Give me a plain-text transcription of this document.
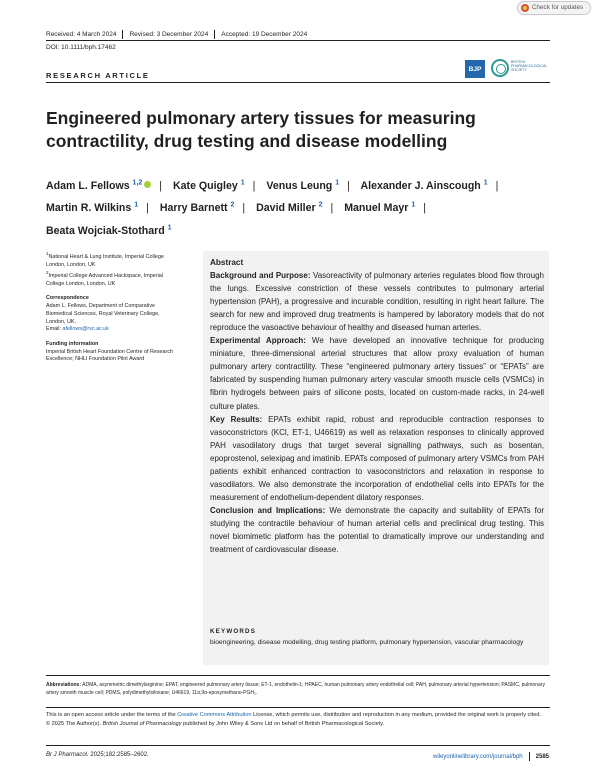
Check for updates
Received: 4 March 2024 Revised: 3 December 2024 Accepted: 19 December 2024
DOI: 10.1111/bph.17462
RESEARCH ARTICLE
BJP
BRITISH PHARMACOLOGICAL SOCIETY
Engineered pulmonary artery tissues for measuring contractility, drug testing and disease modelling
Adam L. Fellows $^{1,2}$ | Kate Quigley $^1$ | Venus Leung $^1$ | Alexander J. Ainscough $^1$ |
Martin R. Wilkins $^1$ | Harry Barnett $^2$ | David Miller $^2$ | Manuel Mayr $^1$ |
Beata Wojciak-Stothard $^1$
$^1$National Heart & Lung Institute, Imperial College London, London, UK
$^2$Imperial College Advanced Hackspace, Imperial College London, London, UK
Correspondence
Adam L. Fellows, Department of Comparative Biomedical Sciences, Royal Veterinary College, London, UK.
Email: afellows@rvc.ac.uk
Funding information
Imperial British Heart Foundation Centre of Research Excellence; NHLI Foundation Pilot Award
Abstract

Background and Purpose: Vasoreactivity of pulmonary arteries regulates blood flow through the lungs. Excessive constriction of these vessels contributes to pulmonary arterial hypertension (PAH), a progressive and incurable condition, resulting in right heart failure. The search for new and improved drug treatments is hampered by laboratory models that do not reproduce the vasoactive behaviour of healthy and diseased human arteries.

Experimental Approach: We have developed an innovative technique for producing miniature, three-dimensional arterial structures that allow proxy evaluation of human pulmonary artery contractility. These “engineered pulmonary artery tissues” or “EPATs” are fabricated by suspending human pulmonary artery vascular smooth muscle cells (VSMCs) in fibrin hydrogels between pairs of silicone posts, located on custom-made racks, in 24-well culture plates.

Key Results: EPATs exhibit rapid, robust and reproducible contraction responses to vasoconstrictors (KCl, ET-1, U46619) as well as relaxation responses to clinically approved PAH vasodilatory drugs that target several signalling pathways, such as bosentan, epoprostenol, selexipag and imatinib. EPATs composed of pulmonary artery VSMCs from PAH patients exhibit enhanced contraction to vasoconstrictors and relaxation in response to vasodilators. We also demonstrate the incorporation of endothelial cells into EPATs for the measurement of endothelium-dependent dilatory responses.

Conclusion and Implications: We demonstrate the capacity and suitability of EPATs for studying the contractile behaviour of human arterial cells and preclinical drug testing. This novel biomimetic platform has the potential to dramatically improve our understanding and treatment of cardiovascular disease.

KEYWORDS
bioengineering, disease modelling, drug testing platform, pulmonary hypertension, vascular pharmacology
Abbreviations: ADMA, asymmetric dimethylarginine; EPAT, engineered pulmonary artery tissue; ET-1, endothelin-1; HPAEC, human pulmonary artery endothelial cell; PAH, pulmonary arterial hypertension; PASMC, pulmonary artery smooth muscle cell; PDMS, polydimethylsiloxane; U46619, 11α,9α-epoxymethano-PGH₂.
This is an open access article under the terms of the Creative Commons Attribution License, which permits use, distribution and reproduction in any medium, provided the original work is properly cited.
© 2025 The Author(s). British Journal of Pharmacology published by John Wiley & Sons Ltd on behalf of British Pharmacological Society.
Br J Pharmacol. 2025;182:2585–2602.	wileyonlinelibrary.com/journal/bph 2585
